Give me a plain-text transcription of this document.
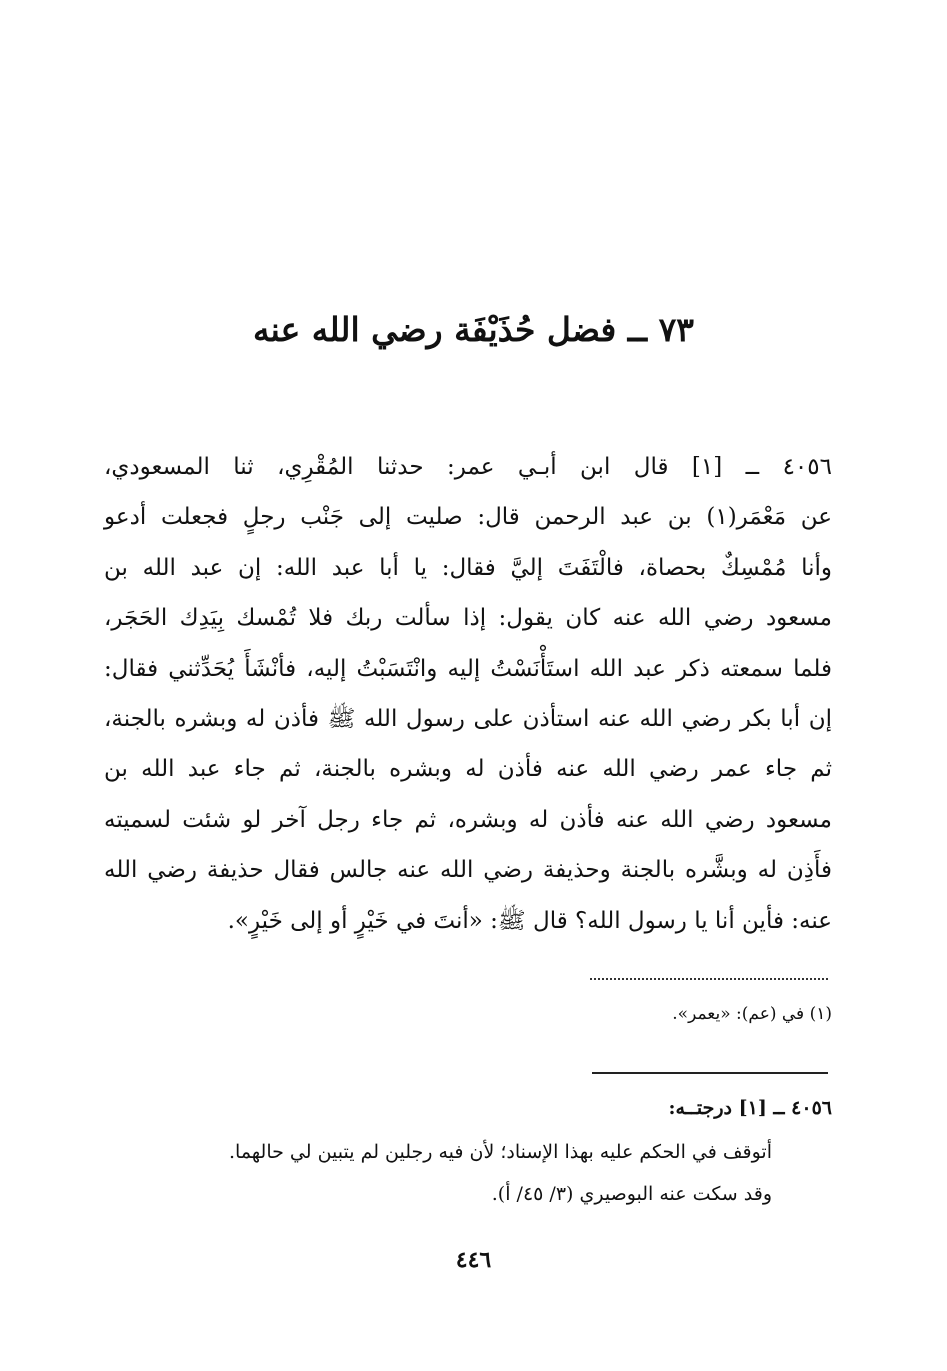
٧٣ ــ فضل حُذَيْفَة رضي الله عنه
٤٠٥٦ ــ [١] قال ابن أبـي عمر: حدثنا المُقْرِي، ثنا المسعودي،
عن مَعْمَر(١) بن عبد الرحمن قال: صليت إلى جَنْب رجلٍ فجعلت أدعو
وأنا مُمْسِكٌ بحصاة، فالْتَفَتَ إليَّ فقال: يا أبا عبد الله: إن عبد الله بن
مسعود رضي الله عنه كان يقول: إذا سألت ربك فلا تُمْسك بِيَدِك الحَجَر،
فلما سمعته ذكر عبد الله استَأْنَسْتُ إليه وانْتَسَبْتُ إليه، فأنْشَأَ يُحَدِّثني فقال:
إن أبا بكر رضي الله عنه استأذن على رسول الله ﷺ فأذن له وبشره بالجنة،
ثم جاء عمر رضي الله عنه فأذن له وبشره بالجنة، ثم جاء عبد الله بن
مسعود رضي الله عنه فأذن له وبشره، ثم جاء رجل آخر لو شئت لسميته
فأَذِن له وبشَّره بالجنة وحذيفة رضي الله عنه جالس فقال حذيفة رضي الله
عنه: فأين أنا يا رسول الله؟ قال ﷺ: «أنتَ في خَيْرٍ أو إلى خَيْرٍ».

(١) في (عم): «يعمر».

٤٠٥٦ ــ [١] درجتــه:

أتوقف في الحكم عليه بهذا الإسناد؛ لأن فيه رجلين لم يتبين لي حالهما.

وقد سكت عنه البوصيري (٣/ ٤٥/ أ).

٤٤٦
